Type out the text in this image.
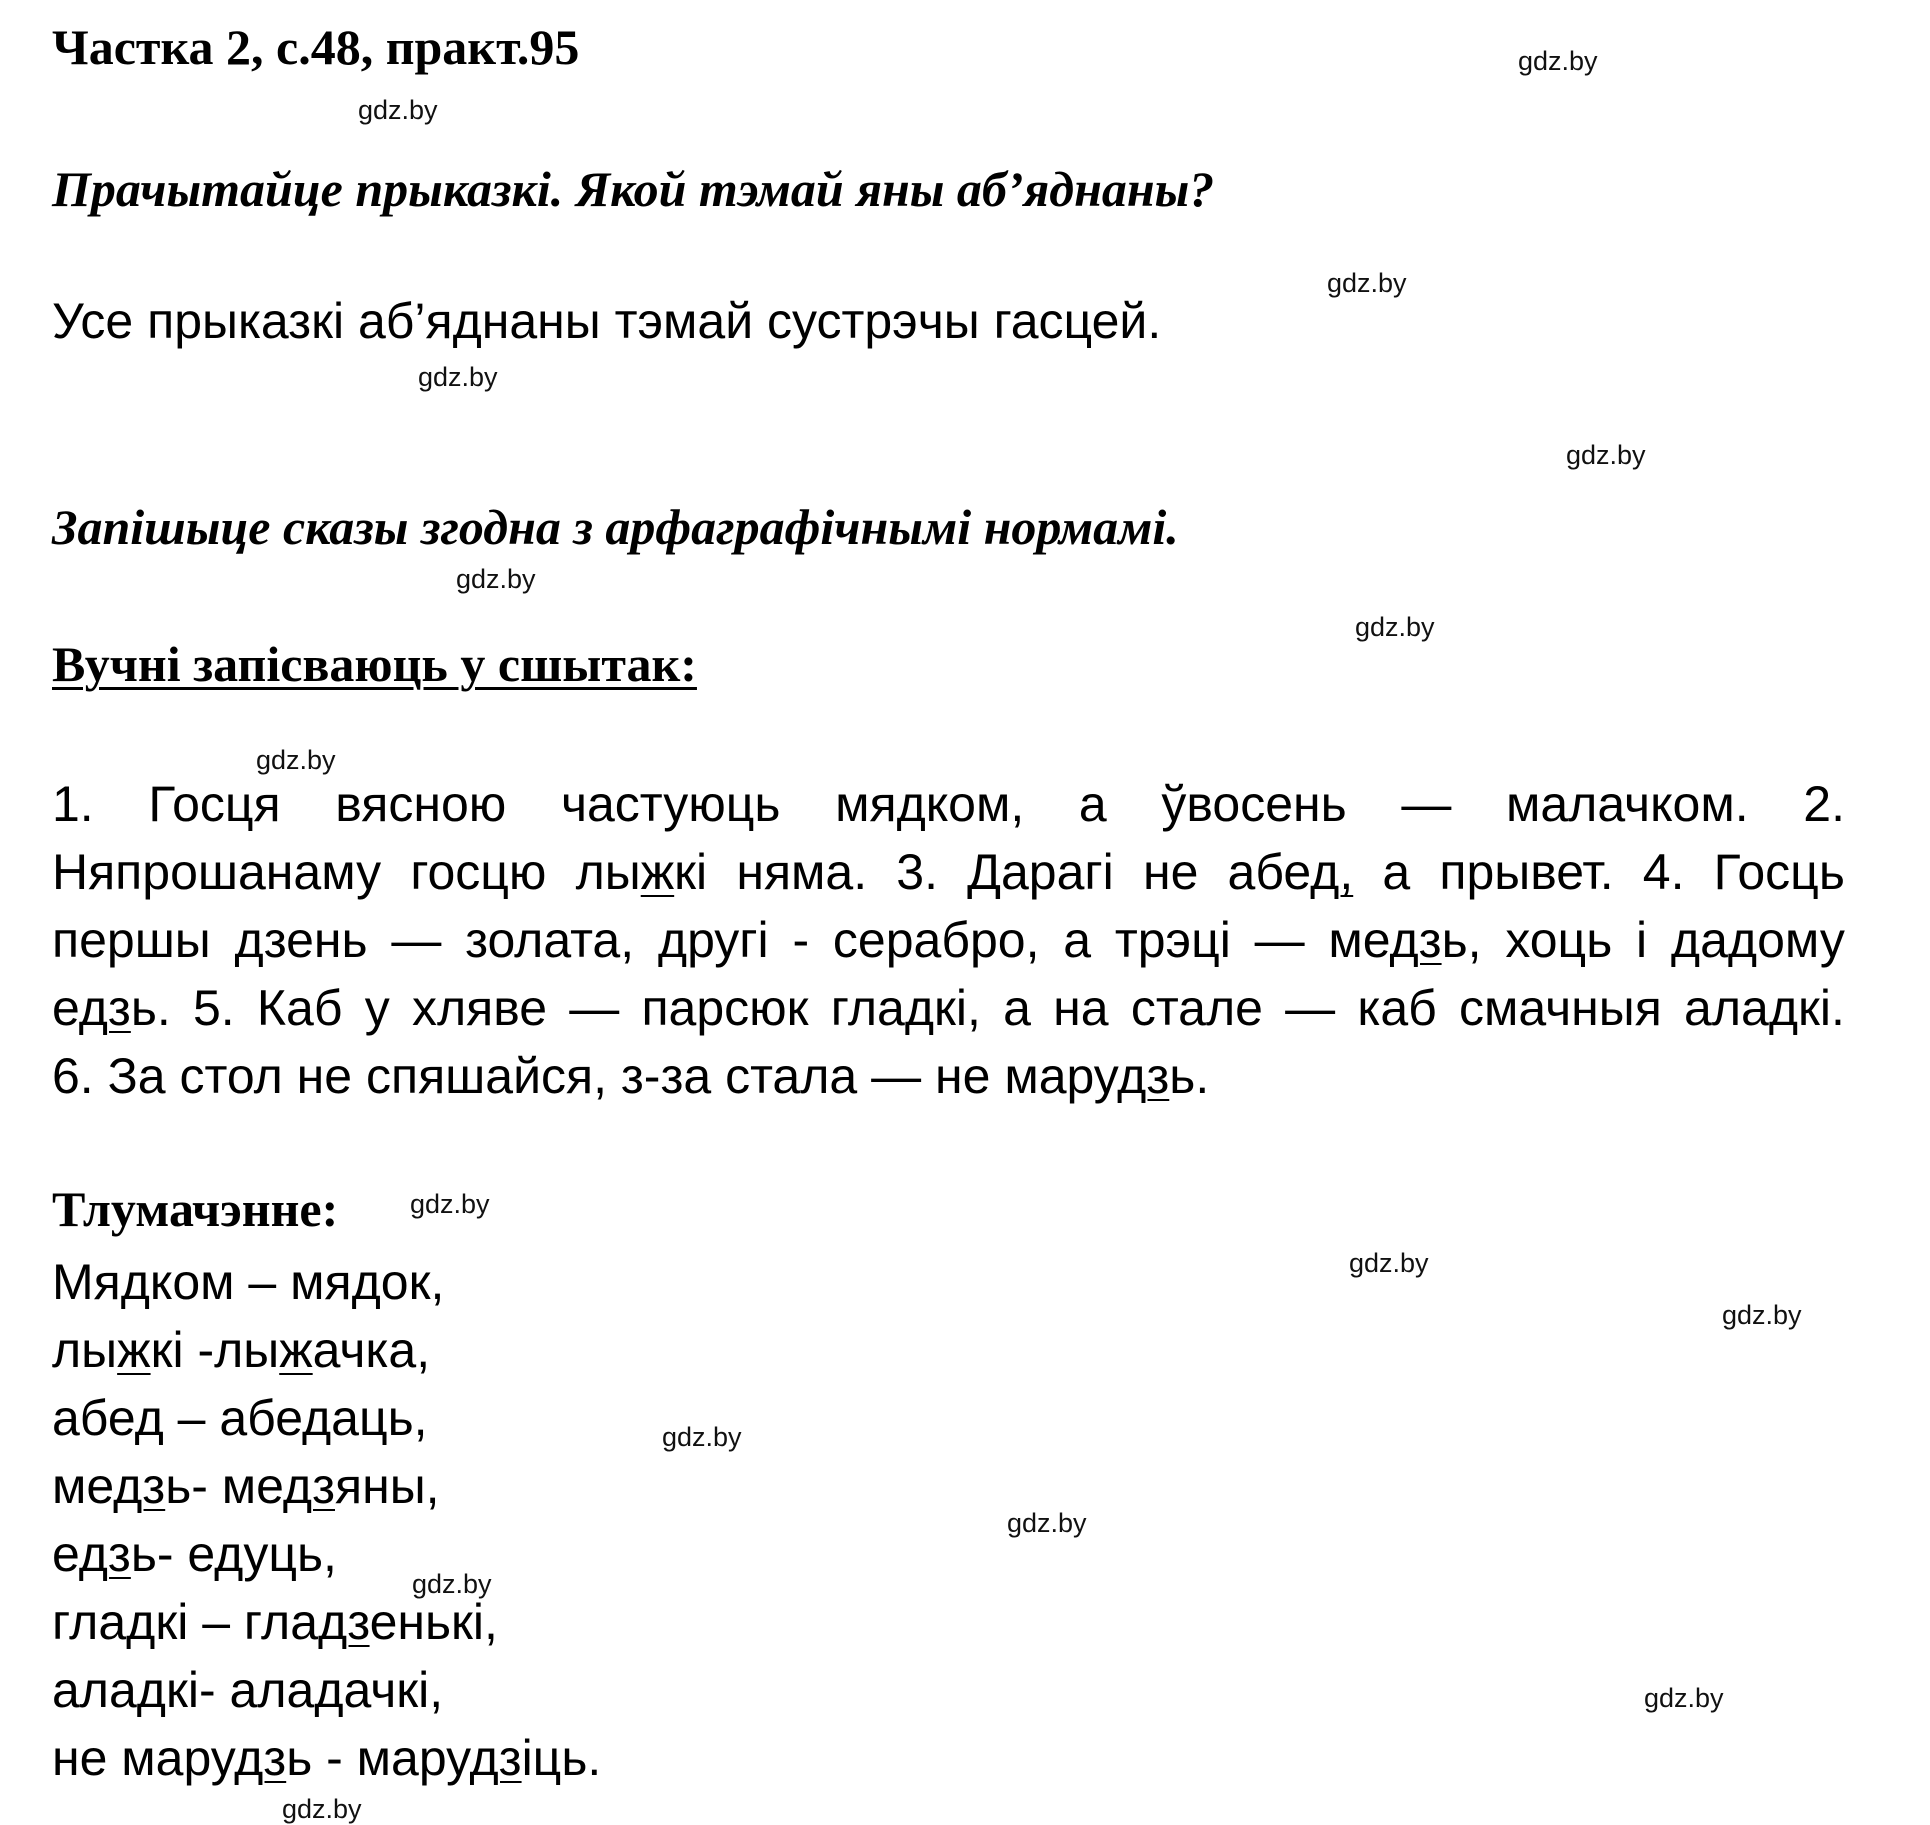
Частка 2, с.48, практ.95
Прачытайце прыказкі. Якой тэмай яны аб’яднаны?
Усе прыказкі аб’яднаны тэмай сустрэчы гасцей.
Запішыце сказы згодна з арфаграфічнымі нормамі.
Вучні запісваюць у сшытак:
1. Госця вясною частуюць мядком, а ўвосень — малачком. 2.
Няпрошанаму госцю лыжкі няма. 3. Дарагі не абед, а прывет. 4. Госць
першы дзень — золата, другі - серабро, а трэці — медзь, хоць і дадому
едзь. 5. Каб у хляве — парсюк гладкі, а на стале — каб смачныя аладкі.
6. За стол не спяшайся, з-за стала — не марудзь.
Тлумачэнне:
Мядком – мядок,
лыжкі -лыжачка,
абед – абедаць,
медзь- медзяны,
едзь- едуць,
гладкі – гладзенькі,
аладкі- аладачкі,
не марудзь - марудзіць.
gdz.by
gdz.by
gdz.by
gdz.by
gdz.by
gdz.by
gdz.by
gdz.by
gdz.by
gdz.by
gdz.by
gdz.by
gdz.by
gdz.by
gdz.by
gdz.by
